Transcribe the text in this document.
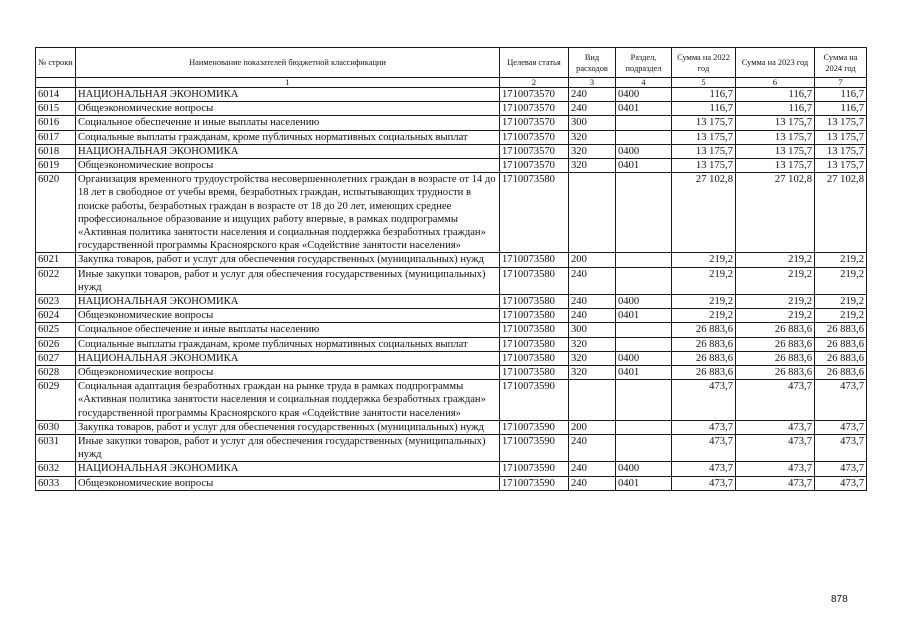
№ строки	Наименование показателей бюджетной классификации	Целевая статья	Вид расходов	Раздел, подраздел	Сумма на 2022 год	Сумма на 2023 год	Сумма на 2024 год
	1	2	3	4	5	6	7
6014	НАЦИОНАЛЬНАЯ ЭКОНОМИКА	1710073570	240	0400	116,7	116,7	116,7
6015	Общеэкономические вопросы	1710073570	240	0401	116,7	116,7	116,7
6016	Социальное обеспечение и иные выплаты населению	1710073570	300		13 175,7	13 175,7	13 175,7
6017	Социальные выплаты гражданам, кроме публичных нормативных социальных выплат	1710073570	320		13 175,7	13 175,7	13 175,7
6018	НАЦИОНАЛЬНАЯ ЭКОНОМИКА	1710073570	320	0400	13 175,7	13 175,7	13 175,7
6019	Общеэкономические вопросы	1710073570	320	0401	13 175,7	13 175,7	13 175,7
6020	Организация временного трудоустройства несовершеннолетних граждан в возрасте от 14 до 18 лет в свободное от учебы время, безработных граждан, испытывающих трудности в поиске работы, безработных граждан в возрасте от 18 до 20 лет, имеющих среднее профессиональное образование и ищущих работу впервые, в рамках подпрограммы «Активная политика занятости населения и социальная поддержка безработных граждан» государственной программы Красноярского края «Содействие занятости населения»	1710073580			27 102,8	27 102,8	27 102,8
6021	Закупка товаров, работ и услуг для обеспечения государственных (муниципальных) нужд	1710073580	200		219,2	219,2	219,2
6022	Иные закупки товаров, работ и услуг для обеспечения государственных (муниципальных) нужд	1710073580	240		219,2	219,2	219,2
6023	НАЦИОНАЛЬНАЯ ЭКОНОМИКА	1710073580	240	0400	219,2	219,2	219,2
6024	Общеэкономические вопросы	1710073580	240	0401	219,2	219,2	219,2
6025	Социальное обеспечение и иные выплаты населению	1710073580	300		26 883,6	26 883,6	26 883,6
6026	Социальные выплаты гражданам, кроме публичных нормативных социальных выплат	1710073580	320		26 883,6	26 883,6	26 883,6
6027	НАЦИОНАЛЬНАЯ ЭКОНОМИКА	1710073580	320	0400	26 883,6	26 883,6	26 883,6
6028	Общеэкономические вопросы	1710073580	320	0401	26 883,6	26 883,6	26 883,6
6029	Социальная адаптация безработных граждан на рынке труда в рамках подпрограммы «Активная политика занятости населения и социальная поддержка безработных граждан» государственной программы Красноярского края «Содействие занятости населения»	1710073590			473,7	473,7	473,7
6030	Закупка товаров, работ и услуг для обеспечения государственных (муниципальных) нужд	1710073590	200		473,7	473,7	473,7
6031	Иные закупки товаров, работ и услуг для обеспечения государственных (муниципальных) нужд	1710073590	240		473,7	473,7	473,7
6032	НАЦИОНАЛЬНАЯ ЭКОНОМИКА	1710073590	240	0400	473,7	473,7	473,7
6033	Общеэкономические вопросы	1710073590	240	0401	473,7	473,7	473,7
878
